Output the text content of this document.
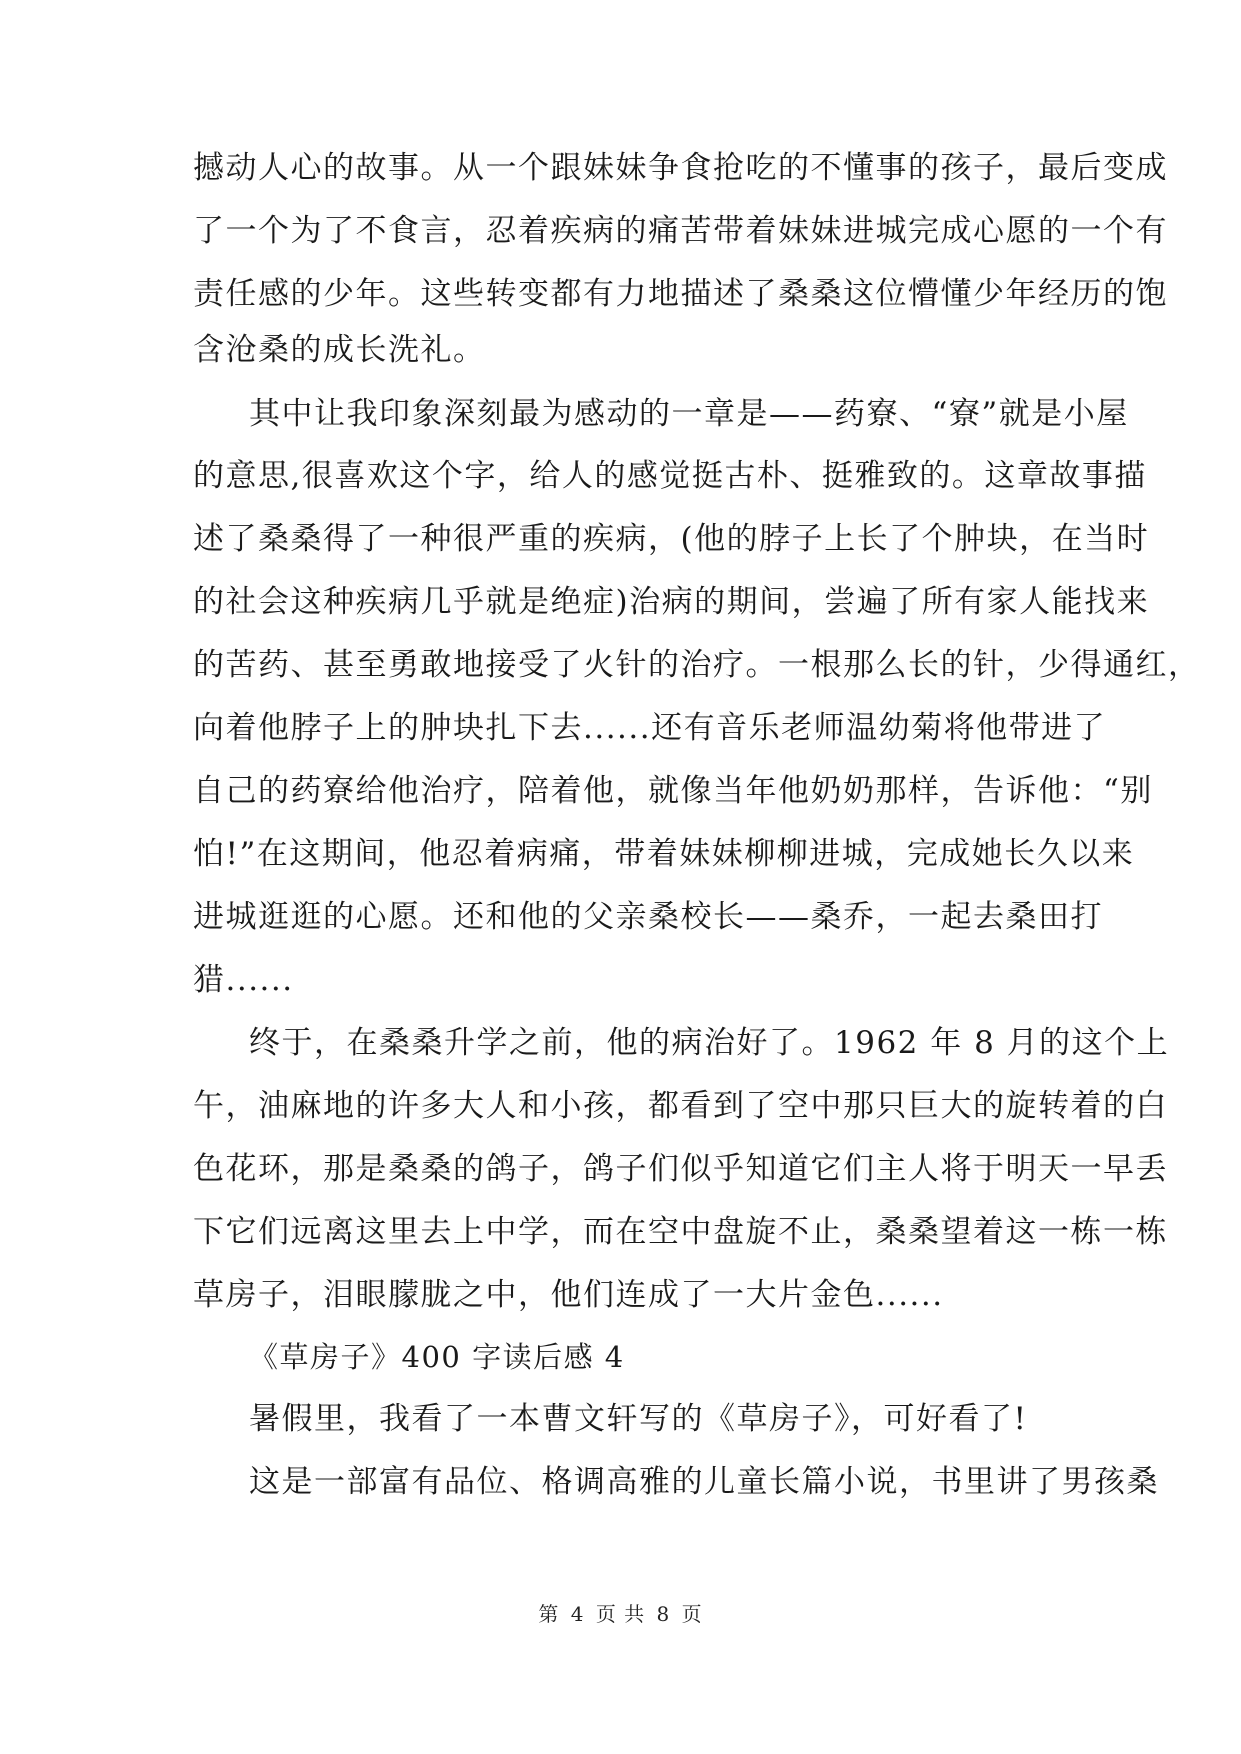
撼动人心的故事。从一个跟妹妹争食抢吃的不懂事的孩子，最后变成
了一个为了不食言，忍着疾病的痛苦带着妹妹进城完成心愿的一个有
责任感的少年。这些转变都有力地描述了桑桑这位懵懂少年经历的饱
含沧桑的成长洗礼。
其中让我印象深刻最为感动的一章是——药寮、“寮”就是小屋
的意思,很喜欢这个字，给人的感觉挺古朴、挺雅致的。这章故事描
述了桑桑得了一种很严重的疾病，(他的脖子上长了个肿块，在当时
的社会这种疾病几乎就是绝症)治病的期间，尝遍了所有家人能找来
的苦药、甚至勇敢地接受了火针的治疗。一根那么长的针，少得通红，
向着他脖子上的肿块扎下去......还有音乐老师温幼菊将他带进了
自己的药寮给他治疗，陪着他，就像当年他奶奶那样，告诉他：“别
怕!”在这期间，他忍着病痛，带着妹妹柳柳进城，完成她长久以来
进城逛逛的心愿。还和他的父亲桑校长——桑乔，一起去桑田打
猎......
终于，在桑桑升学之前，他的病治好了。1962 年 8 月的这个上
午，油麻地的许多大人和小孩，都看到了空中那只巨大的旋转着的白
色花环，那是桑桑的鸽子，鸽子们似乎知道它们主人将于明天一早丢
下它们远离这里去上中学，而在空中盘旋不止，桑桑望着这一栋一栋
草房子，泪眼朦胧之中，他们连成了一大片金色......
《草房子》400 字读后感 4
暑假里，我看了一本曹文轩写的《草房子》，可好看了!
这是一部富有品位、格调高雅的儿童长篇小说，书里讲了男孩桑
第 4 页 共 8 页
